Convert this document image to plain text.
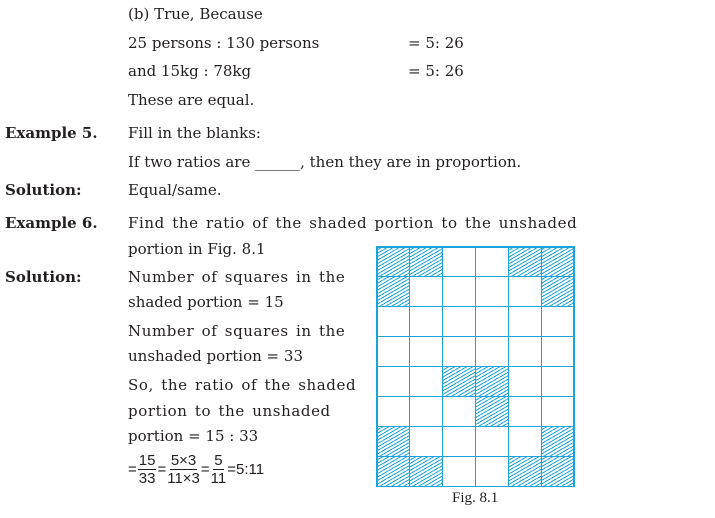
(b) True, Because
25 persons : 130 persons	= 5: 26
and 15kg : 78kg	= 5: 26
These are equal.
Example 5. Fill in the blanks:
If two ratios are ______, then they are in proportion.
Solution:	Equal/same.
Example 6. Find the ratio of the shaded portion to the unshaded
portion in Fig. 8.1
Solution:	Number of squares in the
shaded portion = 15
Number of squares in the
unshaded portion = 33
So, the ratio of the shaded
portion to the unshaded
portion = 15 : 33
= $\frac{15}{33} = \frac{5\times 3}{11\times 3} = \frac{5}{11}$ =5:11
Fig. 8.1
